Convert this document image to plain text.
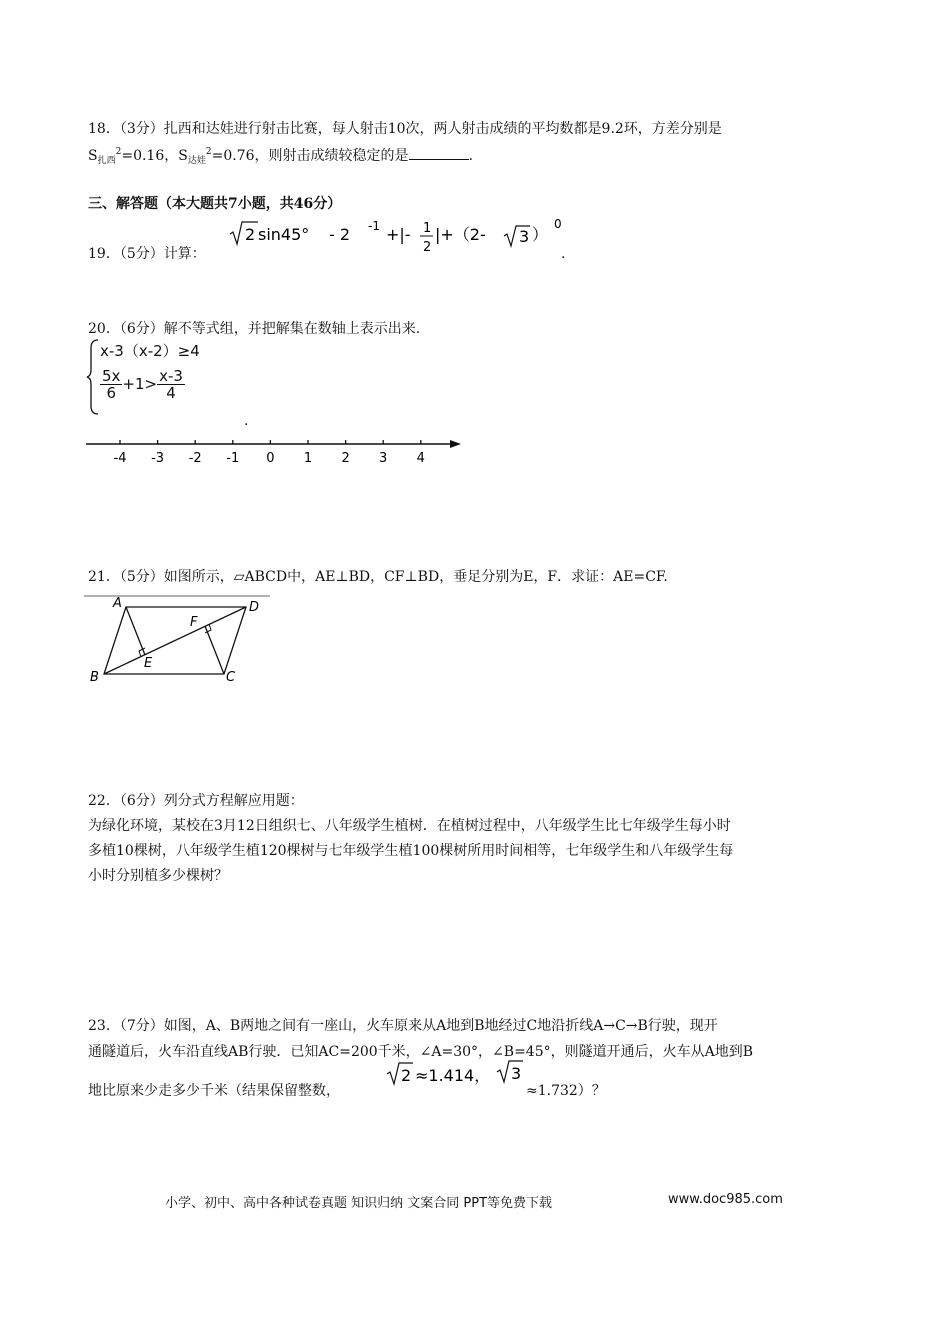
18．（3分）扎西和达娃进行射击比赛，每人射击10次，两人射击成绩的平均数都是9.2环，方差分别是
$S_{扎西}^2=0.16$，$S_{达娃}^2=0.76$，则射击成绩较稳定的是	.
三、解答题（本大题共7小题，共46分）
19．（5分）计算：
2 sin45° - 2 -1 +|- 1
2
|+（2- 3 ）
0
.
20．（6分）解不等式组，并把解集在数轴上表示出来.
x-3（x-2）≥4
$\frac{5x}{6} +1> \frac{x-3}{4}$
.
-4 -3 -2 -1 0 1 2 3 4
21．（5分）如图所示，▱ABCD中，AE⊥BD，CF⊥BD，垂足分别为E，F．求证：AE=CF.
A	D
F
E
B	C
22．（6分）列分式方程解应用题：
为绿化环境，某校在3月12日组织七、八年级学生植树．在植树过程中，八年级学生比七年级学生每小时
多植10棵树，八年级学生植120棵树与七年级学生植100棵树所用时间相等，七年级学生和八年级学生每
小时分别植多少棵树？
23．（7分）如图，A、B两地之间有一座山，火车原来从A地到B地经过C地沿折线A→C→B行驶，现开
通隧道后，火车沿直线AB行驶．已知AC=200千米，∠A=30°，∠B=45°，则隧道开通后，火车从A地到B
地比原来少走多少千米（结果保留整数，
2 ≈1.414， 3
≈1.732）？
小学、初中、高中各种试卷真题 知识归纳 文案合同 PPT等免费下载	www.doc985.com
